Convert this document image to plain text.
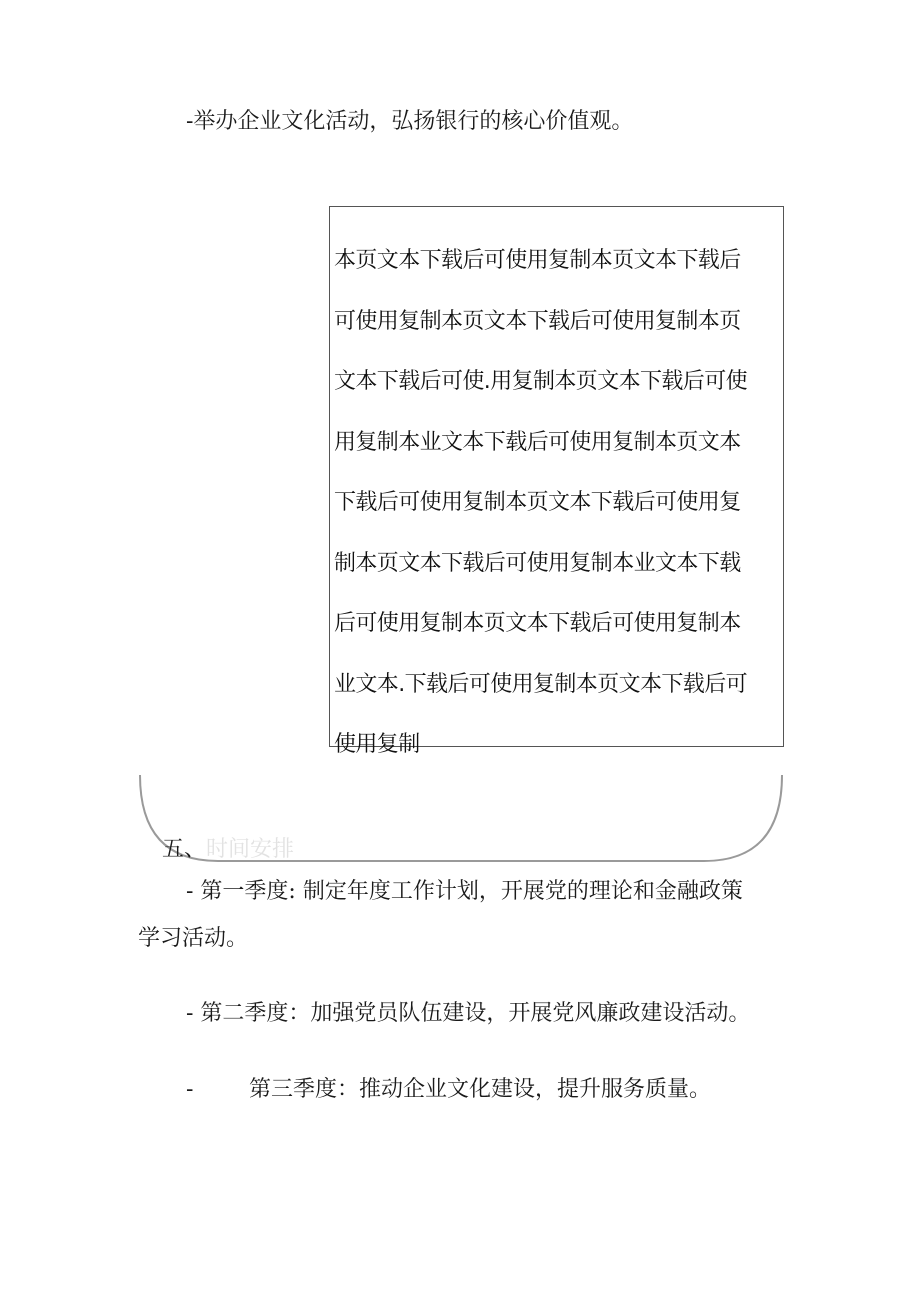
-举办企业文化活动，弘扬银行的核心价值观。
本页文本下载后可使用复制本页文本下载后
可使用复制本页文本下载后可使用复制本页
文本下载后可使.用复制本页文本下载后可使
用复制本业文本下载后可使用复制本页文本
下载后可使用复制本页文本下载后可使用复
制本页文本下载后可使用复制本业文本下载
后可使用复制本页文本下载后可使用复制本
业文本.下载后可使用复制本页文本下载后可
使用复制
五、时间安排
- 第一季度: 制定年度工作计划，开展党的理论和金融政策
学习活动。
- 第二季度：加强党员队伍建设，开展党风廉政建设活动。
-	第三季度：推动企业文化建设，提升服务质量。
